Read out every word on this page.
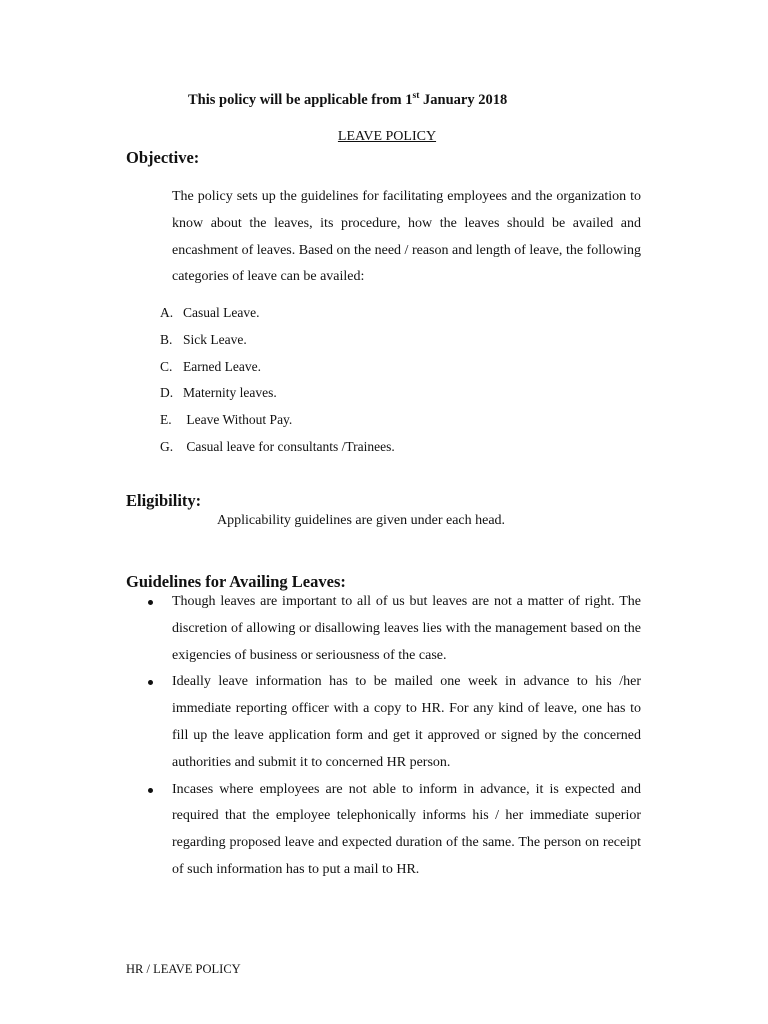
This policy will be applicable from 1st January 2018
LEAVE POLICY
Objective:

The policy sets up the guidelines for facilitating employees and the organization to know about the leaves, its procedure, how the leaves should be availed and encashment of leaves. Based on the need / reason and length of leave, the following categories of leave can be availed:

A. Casual Leave.
B. Sick Leave.
C. Earned Leave.
D. Maternity leaves.
E. Leave Without Pay.
G. Casual leave for consultants /Trainees.
Eligibility:

Applicability guidelines are given under each head.

Guidelines for Availing Leaves:

Though leaves are important to all of us but leaves are not a matter of right. The discretion of allowing or disallowing leaves lies with the management based on the exigencies of business or seriousness of the case.

Ideally leave information has to be mailed one week in advance to his /her immediate reporting officer with a copy to HR. For any kind of leave, one has to fill up the leave application form and get it approved or signed by the concerned authorities and submit it to concerned HR person.

Incases where employees are not able to inform in advance, it is expected and required that the employee telephonically informs his / her immediate superior regarding proposed leave and expected duration of the same. The person on receipt of such information has to put a mail to HR.

HR / LEAVE POLICY
